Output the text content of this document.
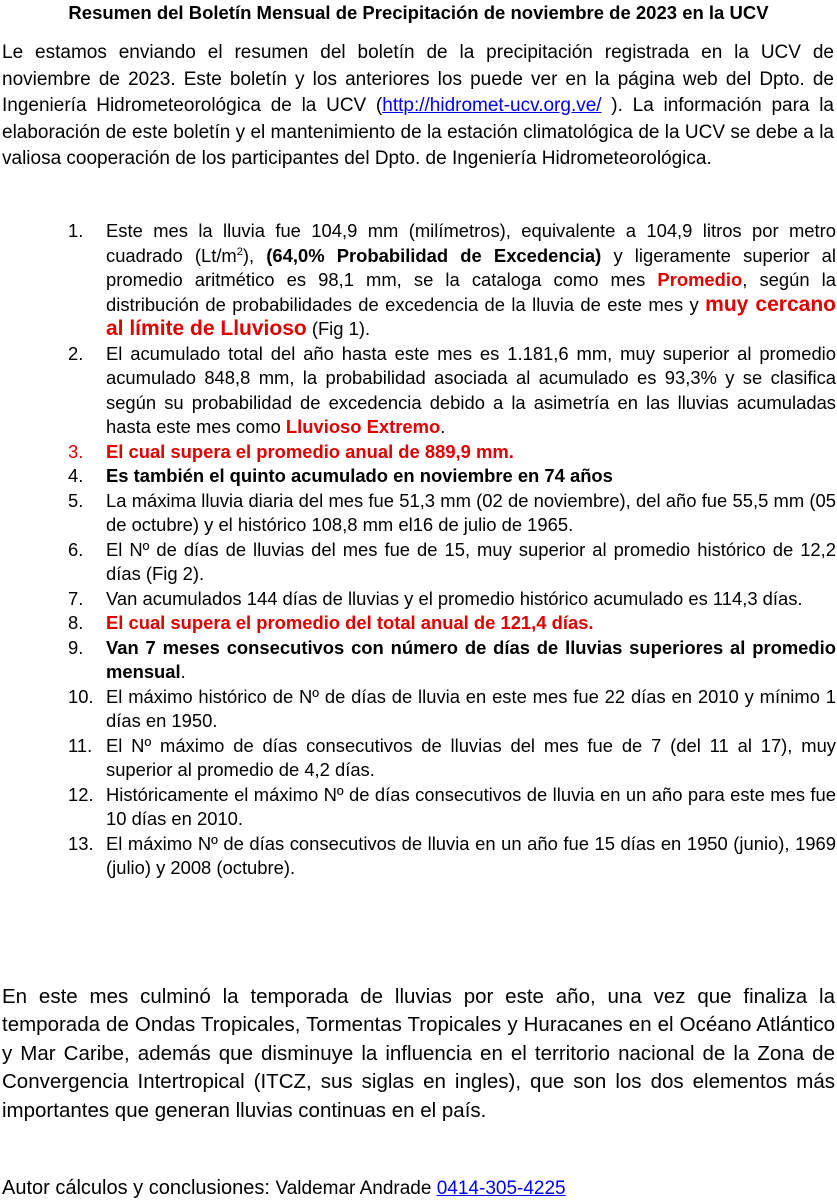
Resumen del Boletín Mensual de Precipitación de noviembre de 2023 en la UCV

Le estamos enviando el resumen del boletín de la precipitación registrada en la UCV de noviembre de 2023. Este boletín y los anteriores los puede ver en la página web del Dpto. de Ingeniería Hidrometeorológica de la UCV (http://hidromet-ucv.org.ve/ ). La información para la elaboración de este boletín y el mantenimiento de la estación climatológica de la UCV se debe a la valiosa cooperación de los participantes del Dpto. de Ingeniería Hidrometeorológica.

1. Este mes la lluvia fue 104,9 mm (milímetros), equivalente a 104,9 litros por metro cuadrado $(Lt/m^2)$, (64,0% Probabilidad de Excedencia) y ligeramente superior al promedio aritmético es 98,1 mm, se la cataloga como mes Promedio, según la distribución de probabilidades de excedencia de la lluvia de este mes y muy cercano al límite de Lluvioso (Fig 1).
2. El acumulado total del año hasta este mes es 1.181,6 mm, muy superior al promedio acumulado 848,8 mm, la probabilidad asociada al acumulado es 93,3% y se clasifica según su probabilidad de excedencia debido a la asimetría en las lluvias acumuladas hasta este mes como Lluvioso Extremo.
3. El cual supera el promedio anual de 889,9 mm.
4. Es también el quinto acumulado en noviembre en 74 años
5. La máxima lluvia diaria del mes fue 51,3 mm (02 de noviembre), del año fue 55,5 mm (05 de octubre) y el histórico 108,8 mm el16 de julio de 1965.
6. El Nº de días de lluvias del mes fue de 15, muy superior al promedio histórico de 12,2 días (Fig 2).
7. Van acumulados 144 días de lluvias y el promedio histórico acumulado es 114,3 días.
8. El cual supera el promedio del total anual de 121,4 días.
9. Van 7 meses consecutivos con número de días de lluvias superiores al promedio mensual.
10. El máximo histórico de Nº de días de lluvia en este mes fue 22 días en 2010 y mínimo 1 días en 1950.
11. El Nº máximo de días consecutivos de lluvias del mes fue de 7 (del 11 al 17), muy superior al promedio de 4,2 días.
12. Históricamente el máximo Nº de días consecutivos de lluvia en un año para este mes fue 10 días en 2010.
13. El máximo Nº de días consecutivos de lluvia en un año fue 15 días en 1950 (junio), 1969 (julio) y 2008 (octubre).

En este mes culminó la temporada de lluvias por este año, una vez que finaliza la temporada de Ondas Tropicales, Tormentas Tropicales y Huracanes en el Océano Atlántico y Mar Caribe, además que disminuye la influencia en el territorio nacional de la Zona de Convergencia Intertropical (ITCZ, sus siglas en ingles), que son los dos elementos más importantes que generan lluvias continuas en el país.

Autor cálculos y conclusiones: Valdemar Andrade 0414-305-4225
